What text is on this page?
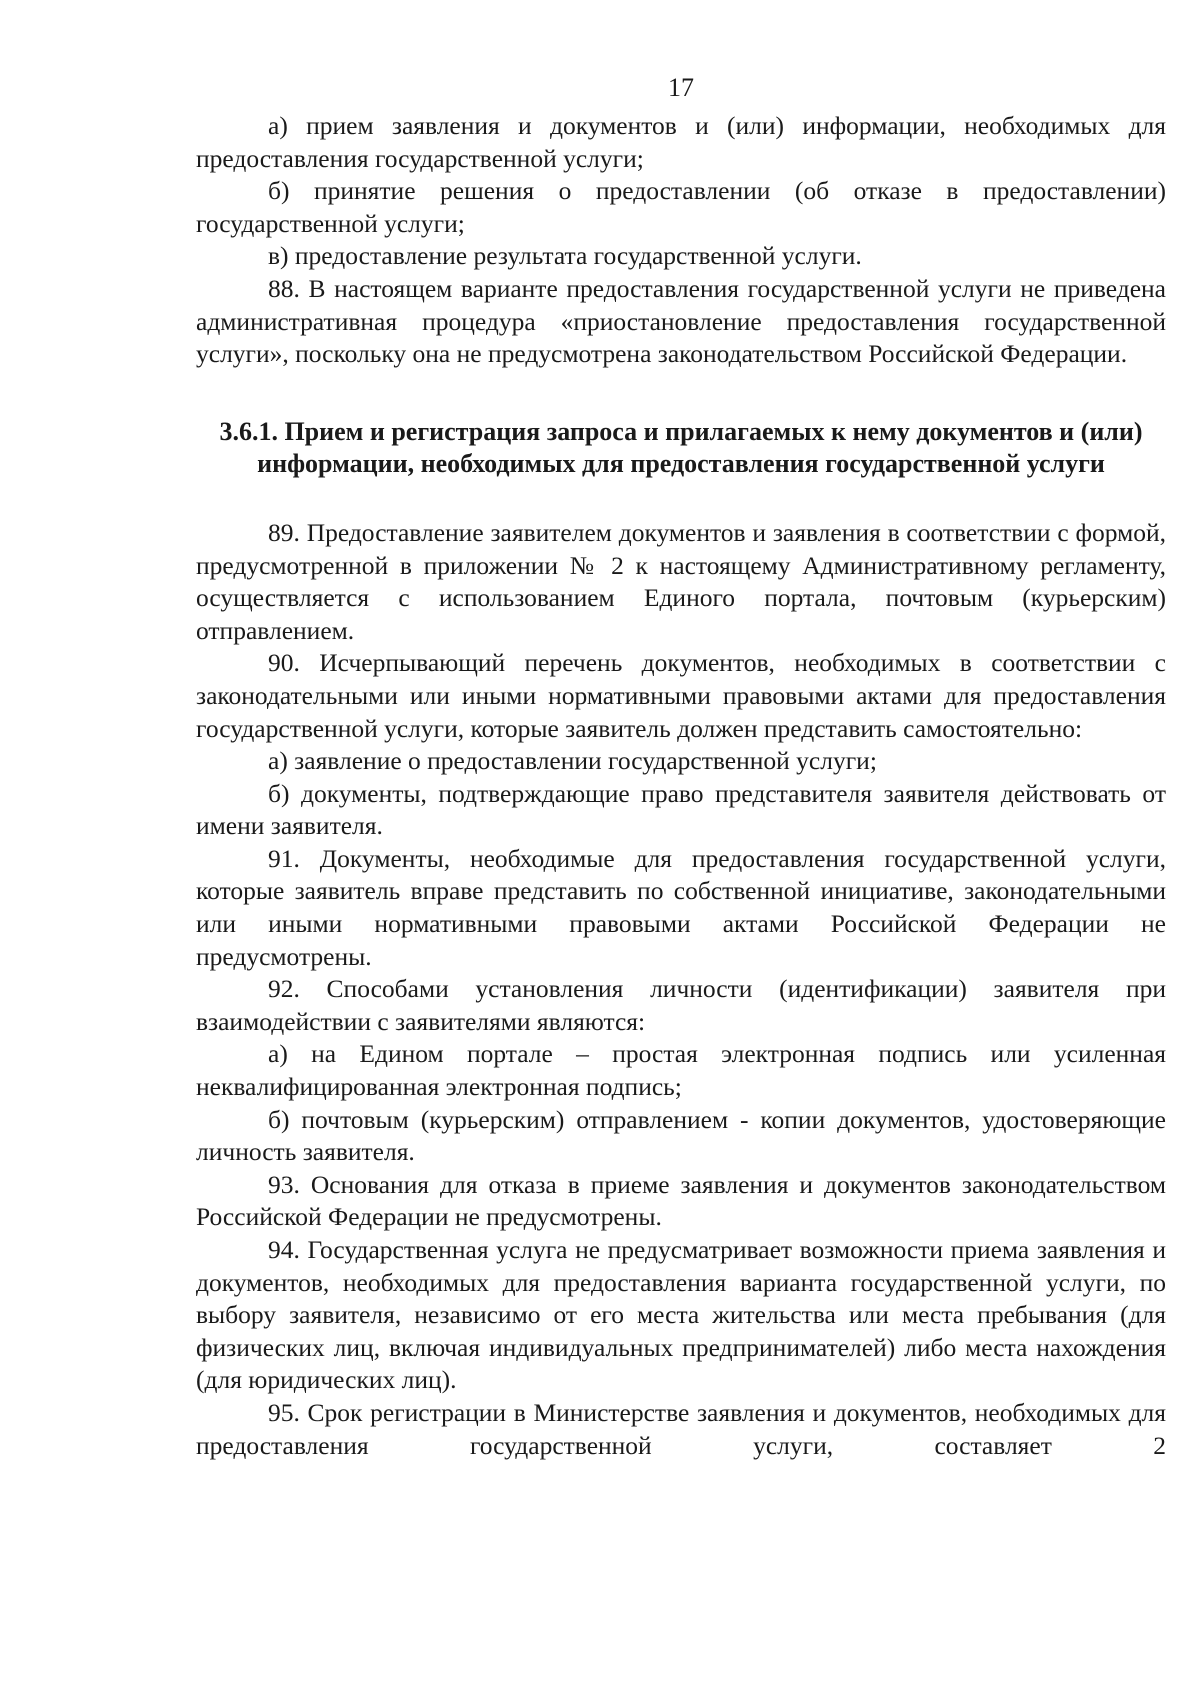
17

а) прием заявления и документов и (или) информации, необходимых для предоставления государственной услуги;

б) принятие решения о предоставлении (об отказе в предоставлении) государственной услуги;

в) предоставление результата государственной услуги.

88. В настоящем варианте предоставления государственной услуги не приведена административная процедура «приостановление предоставления государственной услуги», поскольку она не предусмотрена законодательством Российской Федерации.

3.6.1. Прием и регистрация запроса и прилагаемых к нему документов и (или) информации, необходимых для предоставления государственной услуги

89. Предоставление заявителем документов и заявления в соответствии с формой, предусмотренной в приложении № 2 к настоящему Административному регламенту, осуществляется с использованием Единого портала, почтовым (курьерским) отправлением.

90. Исчерпывающий перечень документов, необходимых в соответствии с законодательными или иными нормативными правовыми актами для предоставления государственной услуги, которые заявитель должен представить самостоятельно:

а) заявление о предоставлении государственной услуги;

б) документы, подтверждающие право представителя заявителя действовать от имени заявителя.

91. Документы, необходимые для предоставления государственной услуги, которые заявитель вправе представить по собственной инициативе, законодательными или иными нормативными правовыми актами Российской Федерации не предусмотрены.

92. Способами установления личности (идентификации) заявителя при взаимодействии с заявителями являются:

а) на Едином портале – простая электронная подпись или усиленная неквалифицированная электронная подпись;

б) почтовым (курьерским) отправлением - копии документов, удостоверяющие личность заявителя.

93. Основания для отказа в приеме заявления и документов законодательством Российской Федерации не предусмотрены.

94. Государственная услуга не предусматривает возможности приема заявления и документов, необходимых для предоставления варианта государственной услуги, по выбору заявителя, независимо от его места жительства или места пребывания (для физических лиц, включая индивидуальных предпринимателей) либо места нахождения (для юридических лиц).

95. Срок регистрации в Министерстве заявления и документов, необходимых для предоставления государственной услуги, составляет 2
